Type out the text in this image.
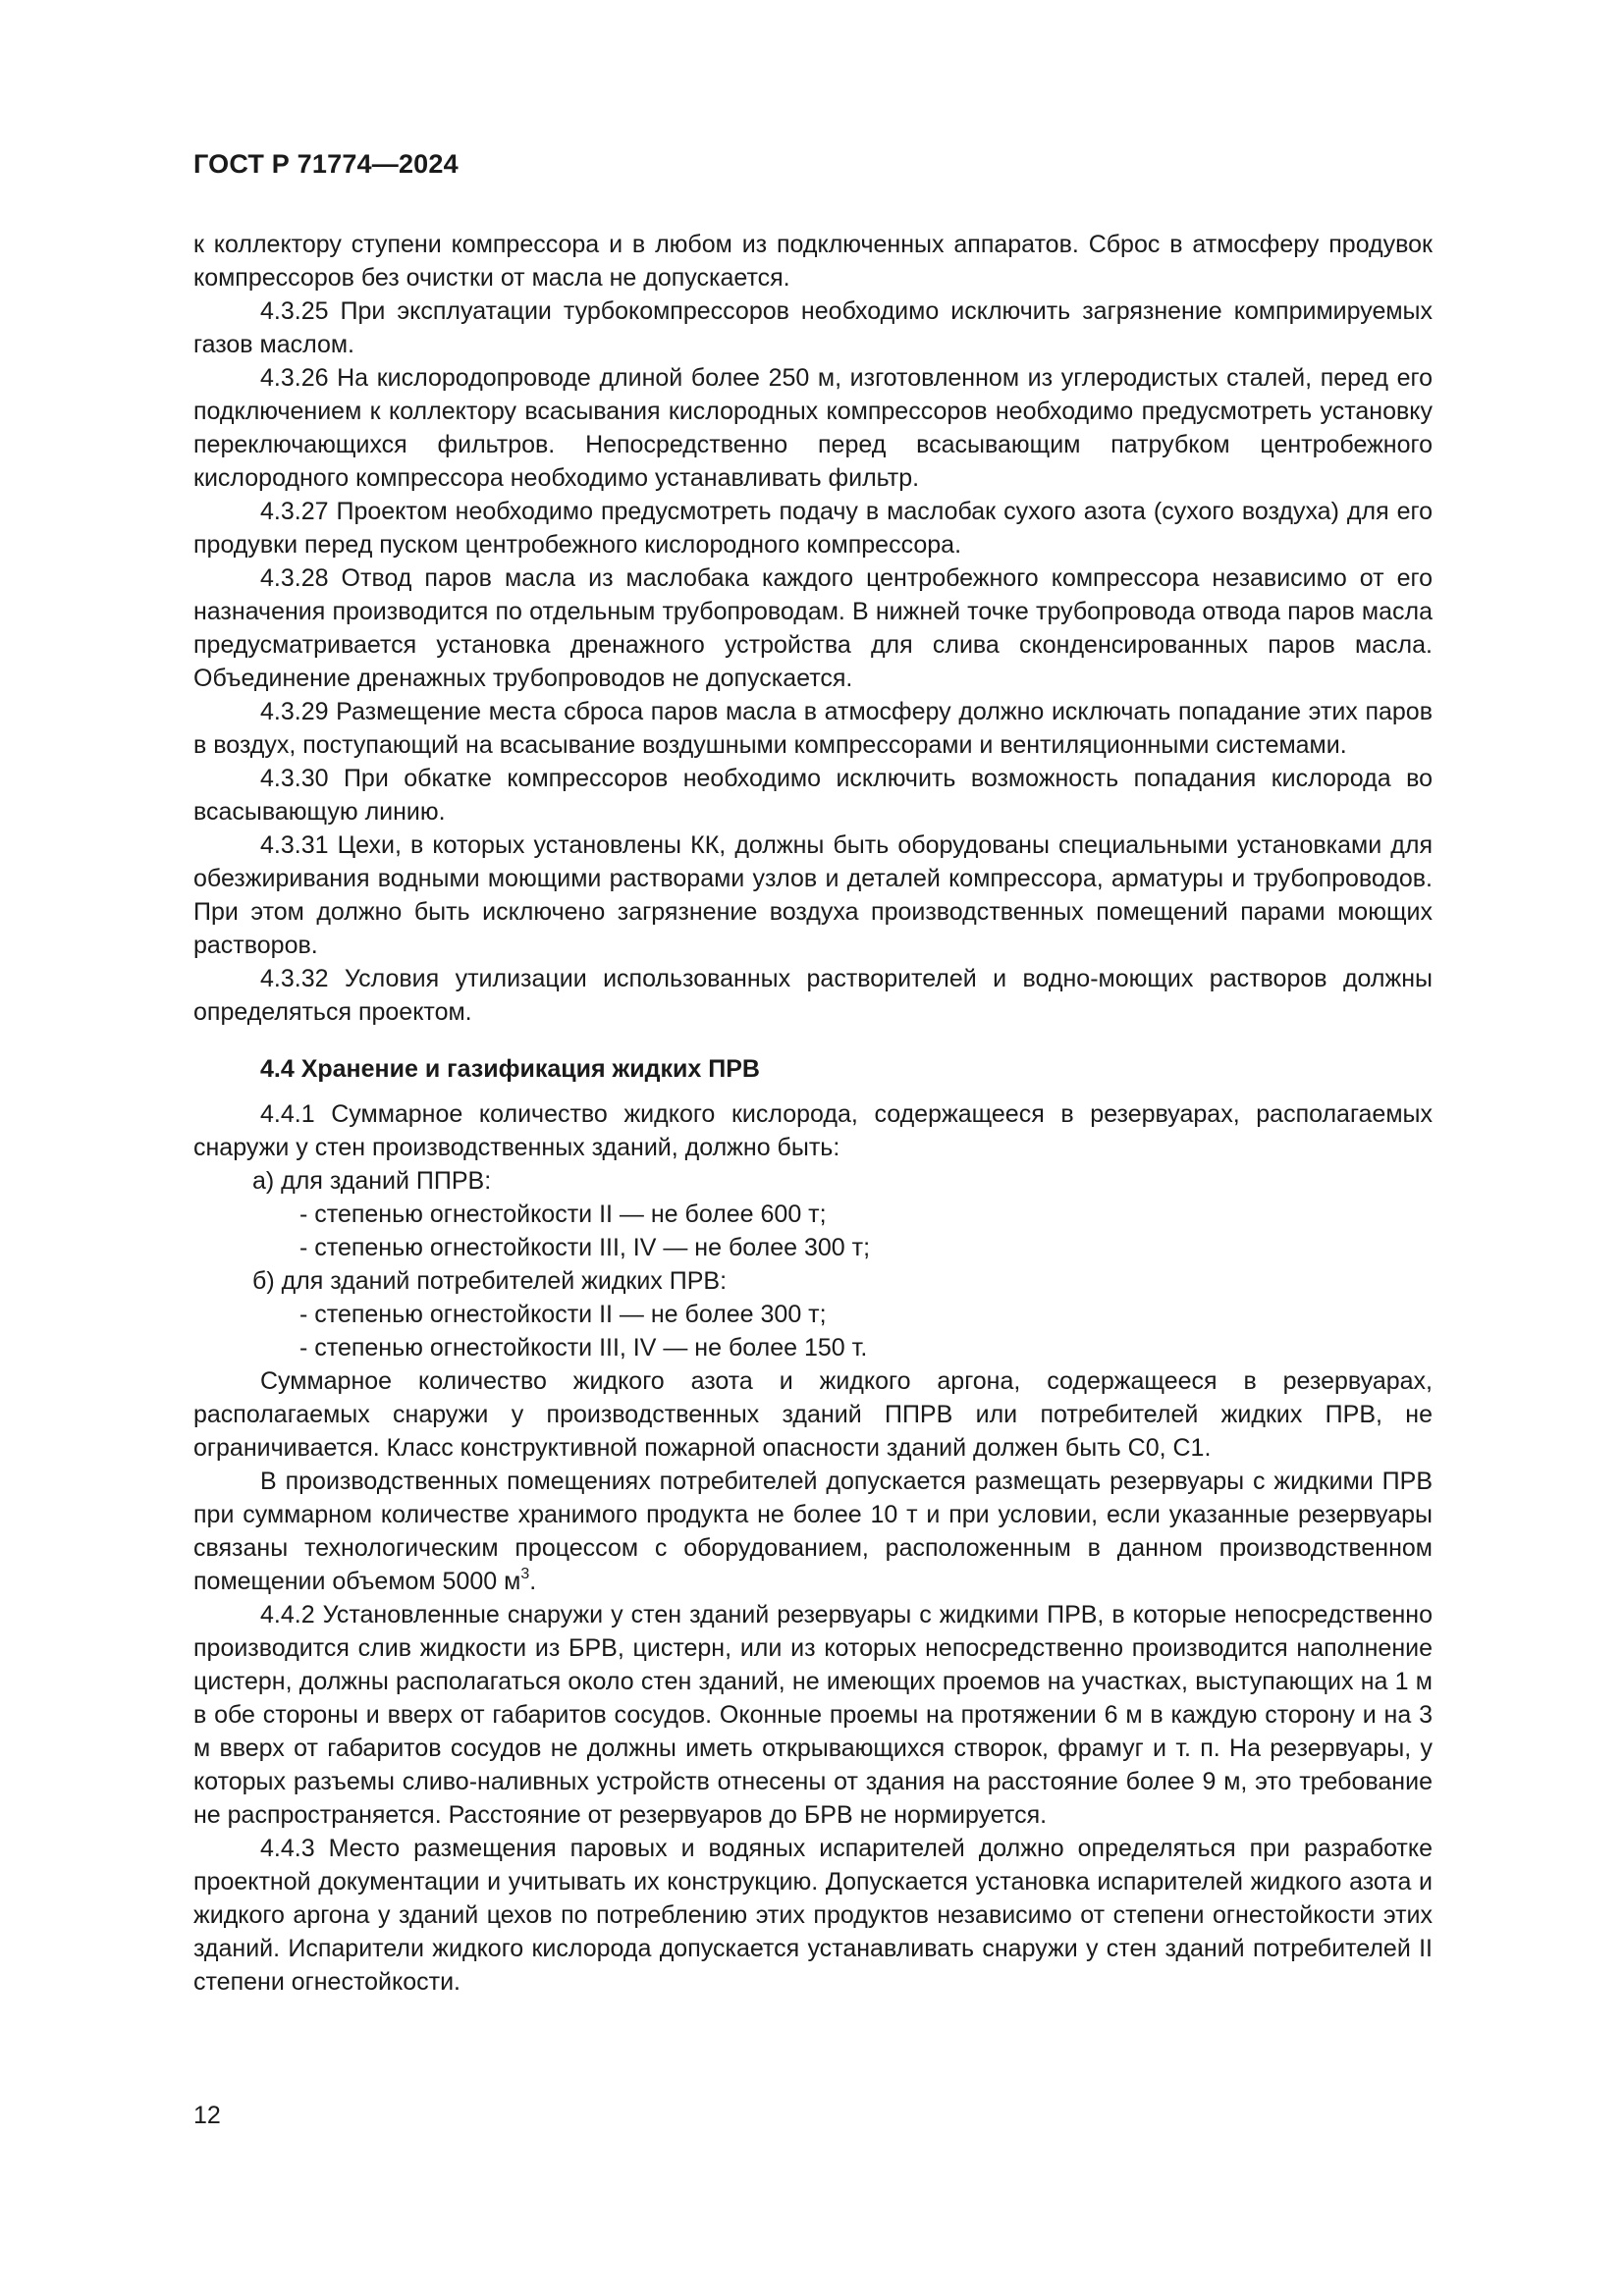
ГОСТ Р 71774—2024

к коллектору ступени компрессора и в любом из подключенных аппаратов. Сброс в атмосферу продувок компрессоров без очистки от масла не допускается.

4.3.25 При эксплуатации турбокомпрессоров необходимо исключить загрязнение компримируемых газов маслом.

4.3.26 На кислородопроводе длиной более 250 м, изготовленном из углеродистых сталей, перед его подключением к коллектору всасывания кислородных компрессоров необходимо предусмотреть установку переключающихся фильтров. Непосредственно перед всасывающим патрубком центробежного кислородного компрессора необходимо устанавливать фильтр.

4.3.27 Проектом необходимо предусмотреть подачу в маслобак сухого азота (сухого воздуха) для его продувки перед пуском центробежного кислородного компрессора.

4.3.28 Отвод паров масла из маслобака каждого центробежного компрессора независимо от его назначения производится по отдельным трубопроводам. В нижней точке трубопровода отвода паров масла предусматривается установка дренажного устройства для слива сконденсированных паров масла. Объединение дренажных трубопроводов не допускается.

4.3.29 Размещение места сброса паров масла в атмосферу должно исключать попадание этих паров в воздух, поступающий на всасывание воздушными компрессорами и вентиляционными системами.

4.3.30 При обкатке компрессоров необходимо исключить возможность попадания кислорода во всасывающую линию.

4.3.31 Цехи, в которых установлены КК, должны быть оборудованы специальными установками для обезжиривания водными моющими растворами узлов и деталей компрессора, арматуры и трубопроводов. При этом должно быть исключено загрязнение воздуха производственных помещений парами моющих растворов.

4.3.32 Условия утилизации использованных растворителей и водно-моющих растворов должны определяться проектом.

4.4 Хранение и газификация жидких ПРВ

4.4.1 Суммарное количество жидкого кислорода, содержащееся в резервуарах, располагаемых снаружи у стен производственных зданий, должно быть:

а) для зданий ППРВ:

- степенью огнестойкости II — не более 600 т;

- степенью огнестойкости III, IV — не более 300 т;

б) для зданий потребителей жидких ПРВ:

- степенью огнестойкости II — не более 300 т;

- степенью огнестойкости III, IV — не более 150 т.

Суммарное количество жидкого азота и жидкого аргона, содержащееся в резервуарах, располагаемых снаружи у производственных зданий ППРВ или потребителей жидких ПРВ, не ограничивается. Класс конструктивной пожарной опасности зданий должен быть С0, С1.

В производственных помещениях потребителей допускается размещать резервуары с жидкими ПРВ при суммарном количестве хранимого продукта не более 10 т и при условии, если указанные резервуары связаны технологическим процессом с оборудованием, расположенным в данном производственном помещении объемом 5000 $м^3$.

4.4.2 Установленные снаружи у стен зданий резервуары с жидкими ПРВ, в которые непосредственно производится слив жидкости из БРВ, цистерн, или из которых непосредственно производится наполнение цистерн, должны располагаться около стен зданий, не имеющих проемов на участках, выступающих на 1 м в обе стороны и вверх от габаритов сосудов. Оконные проемы на протяжении 6 м в каждую сторону и на 3 м вверх от габаритов сосудов не должны иметь открывающихся створок, фрамуг и т. п. На резервуары, у которых разъемы сливо-наливных устройств отнесены от здания на расстояние более 9 м, это требование не распространяется. Расстояние от резервуаров до БРВ не нормируется.

4.4.3 Место размещения паровых и водяных испарителей должно определяться при разработке проектной документации и учитывать их конструкцию. Допускается установка испарителей жидкого азота и жидкого аргона у зданий цехов по потреблению этих продуктов независимо от степени огнестойкости этих зданий. Испарители жидкого кислорода допускается устанавливать снаружи у стен зданий потребителей II степени огнестойкости.

12
